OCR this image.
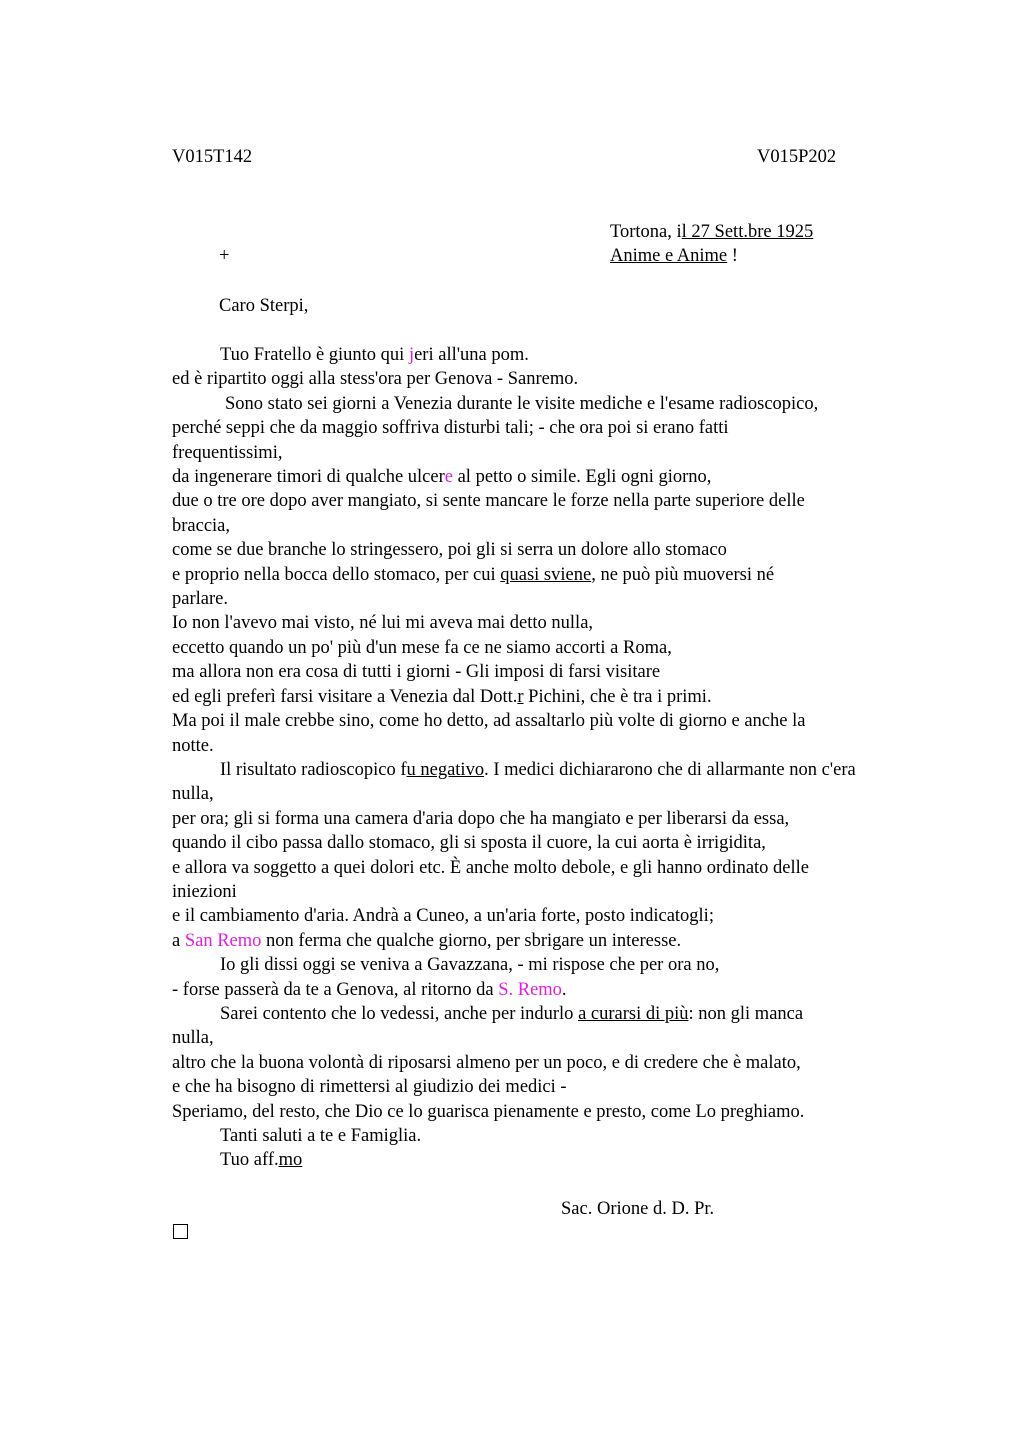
V015T142	V015P202
Tortona, il 27 Sett.bre 1925
+	Anime e Anime !
Caro Sterpi,

Tuo Fratello è giunto qui jeri all'una pom.

ed è ripartito oggi alla stess'ora per Genova - Sanremo.

Sono stato sei giorni a Venezia durante le visite mediche e l'esame radioscopico,

perché seppi che da maggio soffriva disturbi tali; - che ora poi si erano fatti

frequentissimi,

da ingenerare timori di qualche ulcere al petto o simile. Egli ogni giorno,

due o tre ore dopo aver mangiato, si sente mancare le forze nella parte superiore delle

braccia,

come se due branche lo stringessero, poi gli si serra un dolore allo stomaco

e proprio nella bocca dello stomaco, per cui quasi sviene, ne può più muoversi né

parlare.

Io non l'avevo mai visto, né lui mi aveva mai detto nulla,

eccetto quando un po' più d'un mese fa ce ne siamo accorti a Roma,

ma allora non era cosa di tutti i giorni - Gli imposi di farsi visitare

ed egli preferì farsi visitare a Venezia dal Dott.r Pichini, che è tra i primi.

Ma poi il male crebbe sino, come ho detto, ad assaltarlo più volte di giorno e anche la

notte.

Il risultato radioscopico fu negativo. I medici dichiararono che di allarmante non c'era

nulla,

per ora; gli si forma una camera d'aria dopo che ha mangiato e per liberarsi da essa,

quando il cibo passa dallo stomaco, gli si sposta il cuore, la cui aorta è irrigidita,

e allora va soggetto a quei dolori etc. È anche molto debole, e gli hanno ordinato delle

iniezioni

e il cambiamento d'aria. Andrà a Cuneo, a un'aria forte, posto indicatogli;

a San Remo non ferma che qualche giorno, per sbrigare un interesse.

Io gli dissi oggi se veniva a Gavazzana, - mi rispose che per ora no,

- forse passerà da te a Genova, al ritorno da S. Remo.

Sarei contento che lo vedessi, anche per indurlo a curarsi di più: non gli manca

nulla,

altro che la buona volontà di riposarsi almeno per un poco, e di credere che è malato,

e che ha bisogno di rimettersi al giudizio dei medici -

Speriamo, del resto, che Dio ce lo guarisca pienamente e presto, come Lo preghiamo.

Tanti saluti a te e Famiglia.

Tuo aff.mo

Sac. Orione d. D. Pr.
